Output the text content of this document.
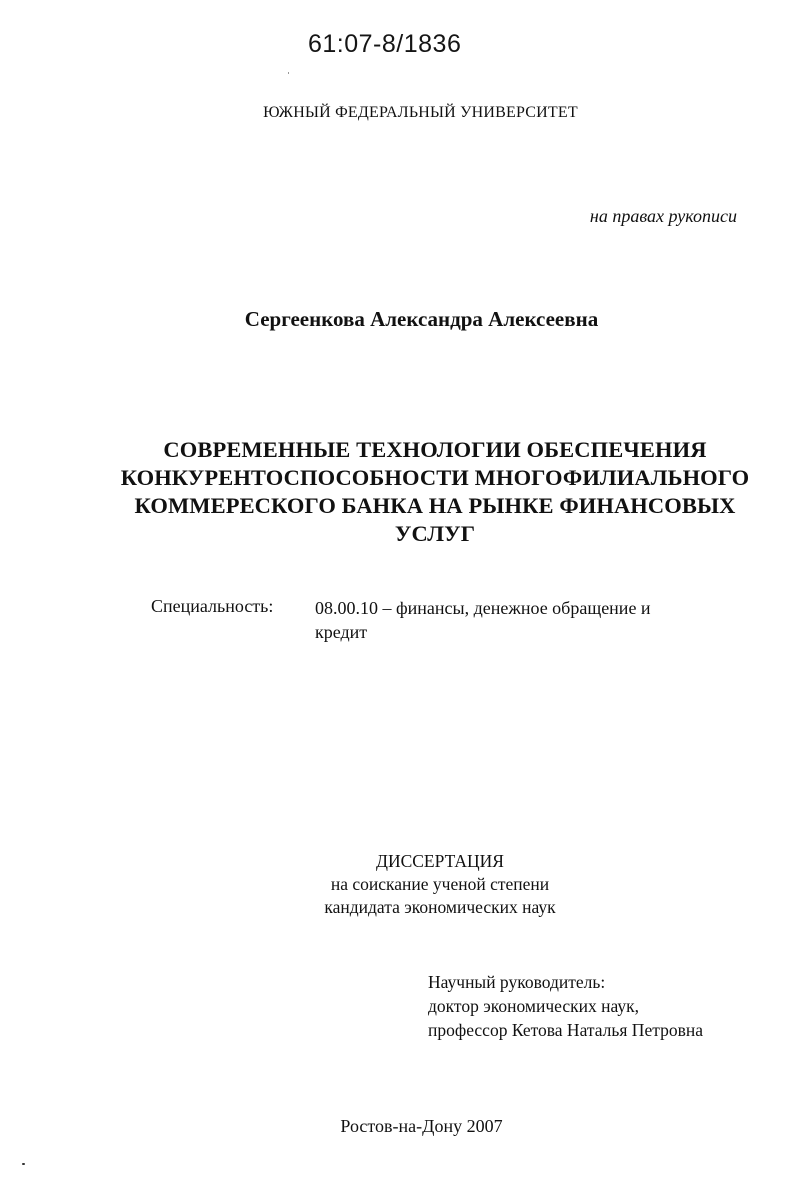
61:07-8/1836
ЮЖНЫЙ ФЕДЕРАЛЬНЫЙ УНИВЕРСИТЕТ
на правах рукописи
Сергеенкова Александра Алексеевна
СОВРЕМЕННЫЕ ТЕХНОЛОГИИ ОБЕСПЕЧЕНИЯ
КОНКУРЕНТОСПОСОБНОСТИ МНОГОФИЛИАЛЬНОГО
КОММЕРЕСКОГО БАНКА НА РЫНКЕ ФИНАНСОВЫХ
УСЛУГ
Специальность: 08.00.10 – финансы, денежное обращение и
кредит
ДИССЕРТАЦИЯ
на соискание ученой степени
кандидата экономических наук
Научный руководитель:
доктор экономических наук,
профессор Кетова Наталья Петровна
Ростов-на-Дону 2007
